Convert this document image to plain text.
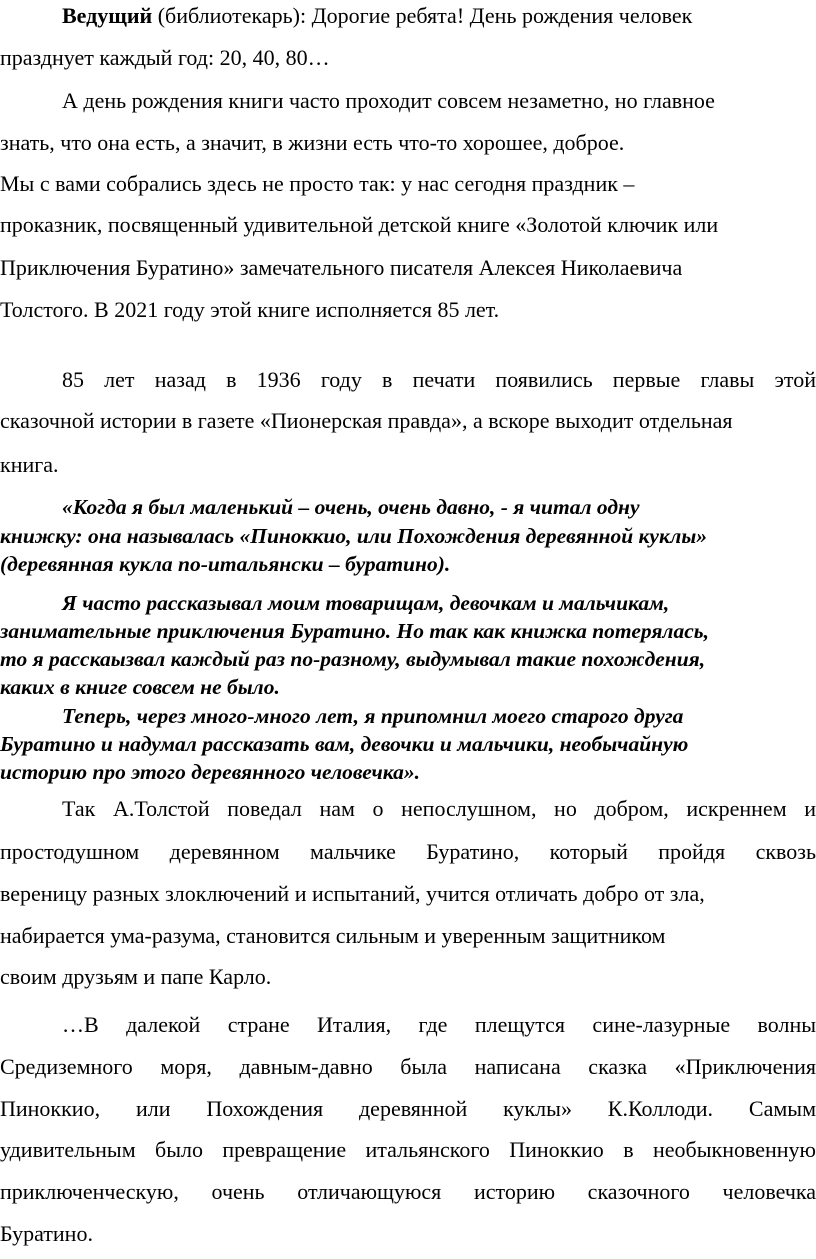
Ведущий (библиотекарь): Дорогие ребята! День рождения человек

празднует каждый год: 20, 40, 80…

А день рождения книги часто проходит совсем незаметно, но главное

знать, что она есть, а значит, в жизни есть что-то хорошее, доброе.

Мы с вами собрались здесь не просто так: у нас сегодня праздник –

проказник, посвященный удивительной детской книге «Золотой ключик или

Приключения Буратино» замечательного писателя Алексея Николаевича

Толстого. В 2021 году этой книге исполняется 85 лет.

85 лет назад в 1936 году в печати появились первые главы этой

сказочной истории в газете «Пионерская правда», а вскоре выходит отдельная

книга.

«Когда я был маленький – очень, очень давно, - я читал одну

книжку: она называлась «Пиноккио, или Похождения деревянной куклы»

(деревянная кукла по-итальянски – буратино).

Я часто рассказывал моим товарищам, девочкам и мальчикам,

занимательные приключения Буратино. Но так как книжка потерялась,

то я расскаызвал каждый раз по-разному, выдумывал такие похождения,

каких в книге совсем не было.

Теперь, через много-много лет, я припомнил моего старого друга

Буратино и надумал рассказать вам, девочки и мальчики, необычайную

историю про этого деревянного человечка».

Так А.Толстой поведал нам о непослушном, но добром, искреннем и

простодушном деревянном мальчике Буратино, который пройдя сквозь

вереницу разных злоключений и испытаний, учится отличать добро от зла,

набирается ума-разума, становится сильным и уверенным защитником

своим друзьям и папе Карло.

…В далекой стране Италия, где плещутся сине-лазурные волны

Средиземного моря, давным-давно была написана сказка «Приключения

Пиноккио, или Похождения деревянной куклы» К.Коллоди. Самым

удивительным было превращение итальянского Пиноккио в необыкновенную

приключенческую, очень отличающуюся историю сказочного человечка

Буратино.
